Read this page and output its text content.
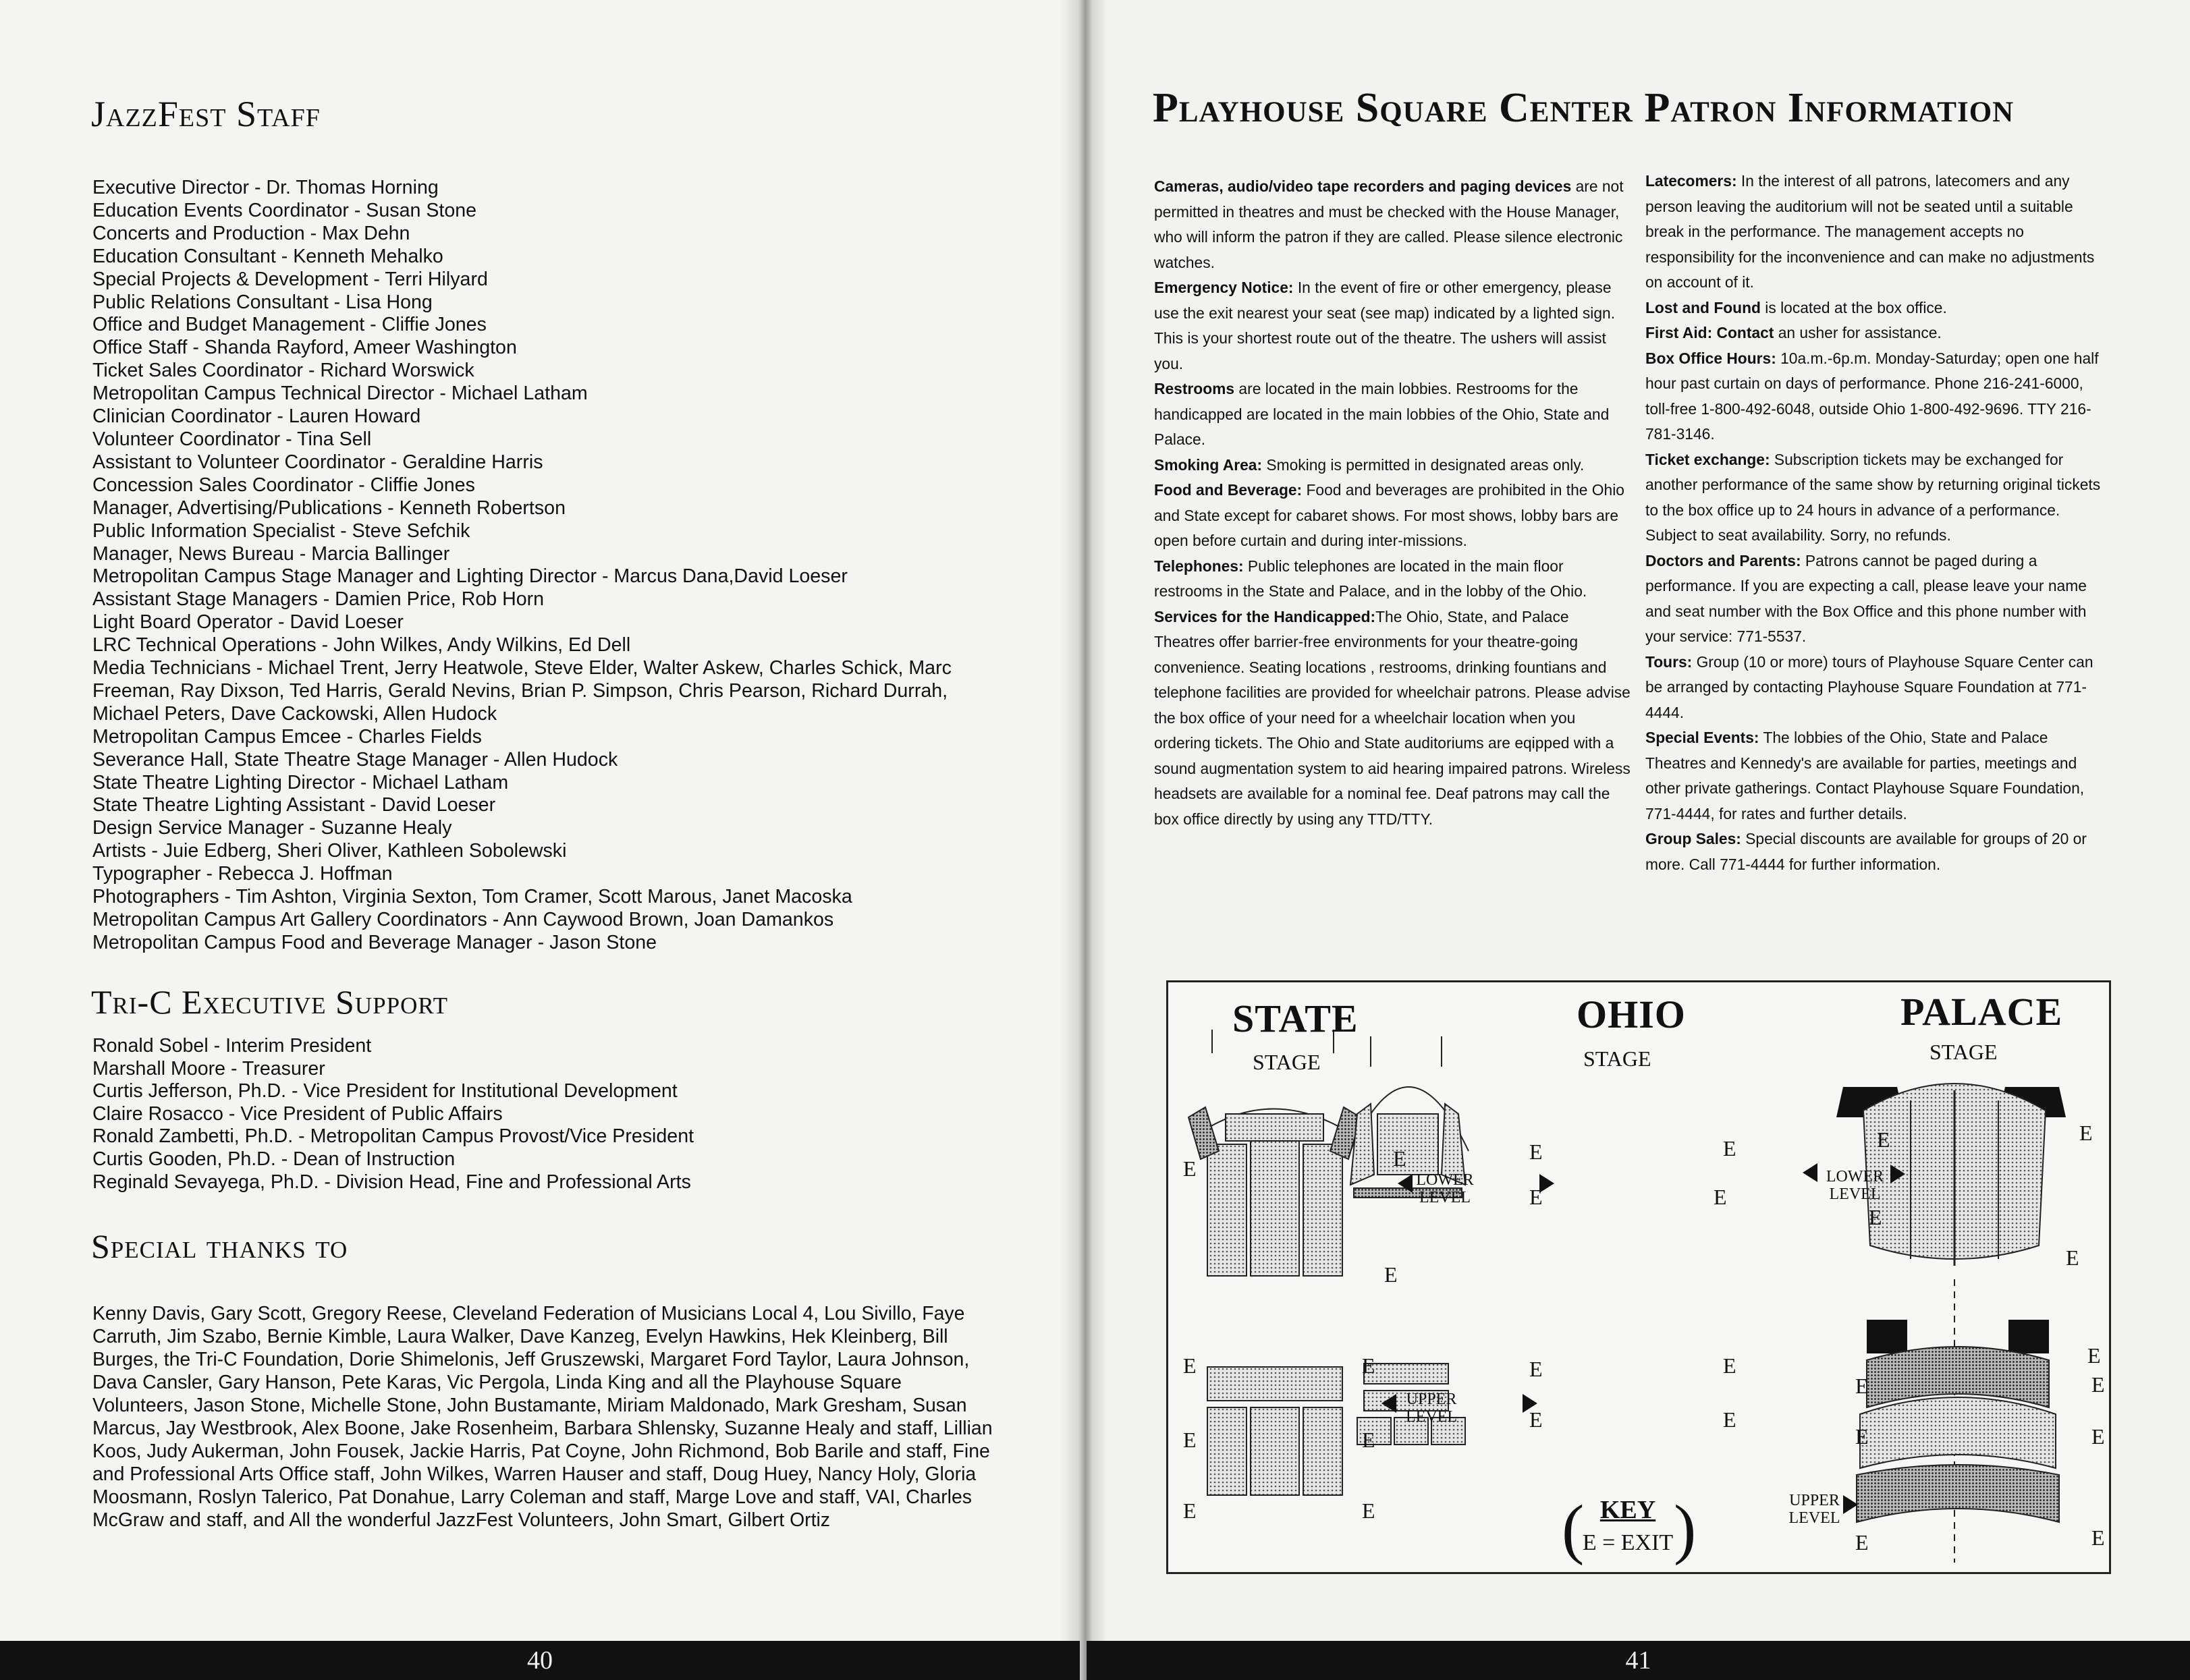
JazzFest Staff
Executive Director - Dr. Thomas Horning
Education Events Coordinator - Susan Stone
Concerts and Production - Max Dehn
Education Consultant - Kenneth Mehalko
Special Projects & Development - Terri Hilyard
Public Relations Consultant - Lisa Hong
Office and Budget Management - Cliffie Jones
Office Staff - Shanda Rayford, Ameer Washington
Ticket Sales Coordinator - Richard Worswick
Metropolitan Campus Technical Director - Michael Latham
Clinician Coordinator - Lauren Howard
Volunteer Coordinator - Tina Sell
Assistant to Volunteer Coordinator - Geraldine Harris
Concession Sales Coordinator - Cliffie Jones
Manager, Advertising/Publications - Kenneth Robertson
Public Information Specialist - Steve Sefchik
Manager, News Bureau - Marcia Ballinger
Metropolitan Campus Stage Manager and Lighting Director - Marcus Dana,David Loeser
Assistant Stage Managers - Damien Price, Rob Horn
Light Board Operator - David Loeser
LRC Technical Operations - John Wilkes, Andy Wilkins, Ed Dell
Media Technicians - Michael Trent, Jerry Heatwole, Steve Elder, Walter Askew, Charles Schick, Marc
Freeman, Ray Dixson, Ted Harris, Gerald Nevins, Brian P. Simpson, Chris Pearson, Richard Durrah,
Michael Peters, Dave Cackowski, Allen Hudock
Metropolitan Campus Emcee - Charles Fields
Severance Hall, State Theatre Stage Manager - Allen Hudock
State Theatre Lighting Director - Michael Latham
State Theatre Lighting Assistant - David Loeser
Design Service Manager - Suzanne Healy
Artists - Juie Edberg, Sheri Oliver, Kathleen Sobolewski
Typographer - Rebecca J. Hoffman
Photographers - Tim Ashton, Virginia Sexton, Tom Cramer, Scott Marous, Janet Macoska
Metropolitan Campus Art Gallery Coordinators - Ann Caywood Brown, Joan Damankos
Metropolitan Campus Food and Beverage Manager - Jason Stone
Tri-C Executive Support
Ronald Sobel - Interim President
Marshall Moore - Treasurer
Curtis Jefferson, Ph.D. - Vice President for Institutional Development
Claire Rosacco - Vice President of Public Affairs
Ronald Zambetti, Ph.D. - Metropolitan Campus Provost/Vice President
Curtis Gooden, Ph.D. - Dean of Instruction
Reginald Sevayega, Ph.D. - Division Head, Fine and Professional Arts
Special thanks to

Kenny Davis, Gary Scott, Gregory Reese, Cleveland Federation of Musicians Local 4, Lou Sivillo, Faye Carruth, Jim Szabo, Bernie Kimble, Laura Walker, Dave Kanzeg, Evelyn Hawkins, Hek Kleinberg, Bill Burges, the Tri-C Foundation, Dorie Shimelonis, Jeff Gruszewski, Margaret Ford Taylor, Laura Johnson, Dava Cansler, Gary Hanson, Pete Karas, Vic Pergola, Linda King and all the Playhouse Square Volunteers, Jason Stone, Michelle Stone, John Bustamante, Miriam Maldonado, Mark Gresham, Susan Marcus, Jay Westbrook, Alex Boone, Jake Rosenheim, Barbara Shlensky, Suzanne Healy and staff, Lillian Koos, Judy Aukerman, John Fousek, Jackie Harris, Pat Coyne, John Richmond, Bob Barile and staff, Fine and Professional Arts Office staff, John Wilkes, Warren Hauser and staff, Doug Huey, Nancy Holy, Gloria Moosmann, Roslyn Talerico, Pat Donahue, Larry Coleman and staff, Marge Love and staff, VAI, Charles McGraw and staff, and All the wonderful JazzFest Volunteers, John Smart, Gilbert Ortiz

Playhouse Square Center Patron Information

Cameras, audio/video tape recorders and paging devices are not permitted in theatres and must be checked with the House Manager, who will inform the patron if they are called. Please silence electronic watches.

Emergency Notice: In the event of fire or other emergency, please use the exit nearest your seat (see map) indicated by a lighted sign. This is your shortest route out of the theatre. The ushers will assist you.

Restrooms are located in the main lobbies. Restrooms for the handicapped are located in the main lobbies of the Ohio, State and Palace.

Smoking Area: Smoking is permitted in designated areas only.

Food and Beverage: Food and beverages are prohibited in the Ohio and State except for cabaret shows. For most shows, lobby bars are open before curtain and during inter-missions.

Telephones: Public telephones are located in the main floor restrooms in the State and Palace, and in the lobby of the Ohio.

Services for the Handicapped:The Ohio, State, and Palace Theatres offer barrier-free environments for your theatre-going convenience. Seating locations , restrooms, drinking fountians and telephone facilities are provided for wheelchair patrons. Please advise the box office of your need for a wheelchair location when you ordering tickets. The Ohio and State auditoriums are eqipped with a sound augmentation system to aid hearing impaired patrons. Wireless headsets are available for a nominal fee. Deaf patrons may call the box office directly by using any TTD/TTY.

Latecomers: In the interest of all patrons, latecomers and any person leaving the auditorium will not be seated until a suitable break in the performance. The management accepts no responsibility for the inconvenience and can make no adjustments on account of it.

Lost and Found is located at the box office.

First Aid: Contact an usher for assistance.

Box Office Hours: 10a.m.-6p.m. Monday-Saturday; open one half hour past curtain on days of performance. Phone 216-241-6000, toll-free 1-800-492-6048, outside Ohio 1-800-492-9696. TTY 216-781-3146.

Ticket exchange: Subscription tickets may be exchanged for another performance of the same show by returning original tickets to the box office up to 24 hours in advance of a performance. Subject to seat availability. Sorry, no refunds.

Doctors and Parents: Patrons cannot be paged during a performance. If you are expecting a call, please leave your name and seat number with the Box Office and this phone number with your service: 771-5537.

Tours: Group (10 or more) tours of Playhouse Square Center can be arranged by contacting Playhouse Square Foundation at 771-4444.

Special Events: The lobbies of the Ohio, State and Palace Theatres and Kennedy's are available for parties, meetings and other private gatherings. Contact Playhouse Square Foundation, 771-4444, for rates and further details.

Group Sales: Special discounts are available for groups of 20 or more. Call 771-4444 for further information.

STATE	OHIO	PALACE
STAGE	STAGE	STAGE
LOWER LEVEL
UPPER LEVEL
LOWER LEVEL
UPPER LEVEL
E	E
E
E
E
E
E
E	E
E
E
E	E
E	E
E	E
E	E
E	E
E
E	E
E	E
E	E
( KEY
E = EXIT )
40	41
